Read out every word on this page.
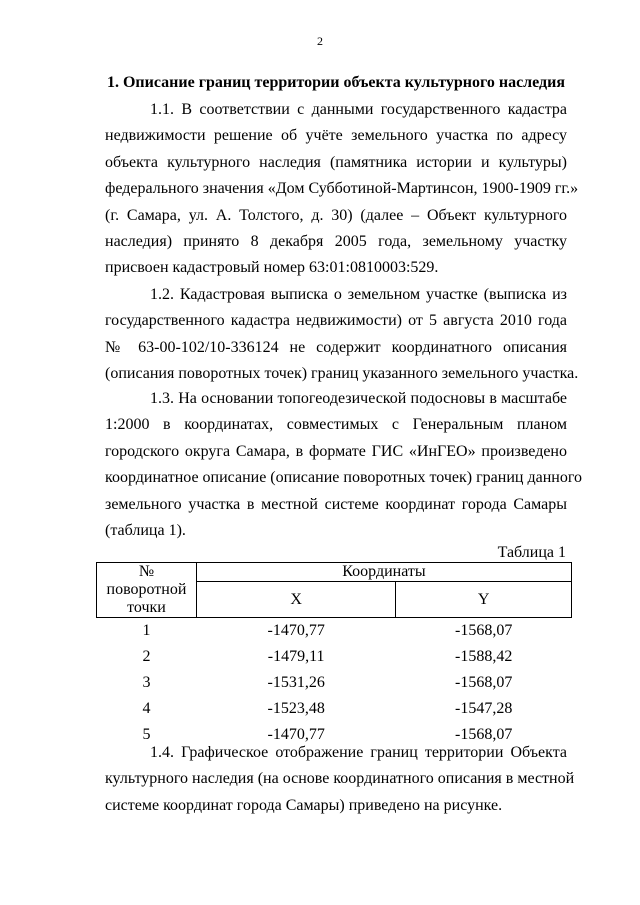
2
1. Описание границ территории объекта культурного наследия
1.1. В соответствии с данными государственного кадастра
недвижимости решение об учёте земельного участка по адресу
объекта культурного наследия (памятника истории и культуры)
федерального значения «Дом Субботиной-Мартинсон, 1900-1909 гг.»
(г. Самара, ул. А. Толстого, д. 30) (далее – Объект культурного
наследия) принято 8 декабря 2005 года, земельному участку
присвоен кадастровый номер 63:01:0810003:529.
1.2. Кадастровая выписка о земельном участке (выписка из
государственного кадастра недвижимости) от 5 августа 2010 года
№ 63-00-102/10-336124 не содержит координатного описания
(описания поворотных точек) границ указанного земельного участка.
1.3. На основании топогеодезической подосновы в масштабе
1:2000 в координатах, совместимых с Генеральным планом
городского округа Самара, в формате ГИС «ИнГЕО» произведено
координатное описание (описание поворотных точек) границ данного
земельного участка в местной системе координат города Самары
(таблица 1).
Таблица 1
№
поворотной
точки	Координаты	
	X	Y
1	-1470,77	-1568,07
2	-1479,11	-1588,42
3	-1531,26	-1568,07
4	-1523,48	-1547,28
5	-1470,77	-1568,07
1.4. Графическое отображение границ территории Объекта
культурного наследия (на основе координатного описания в местной
системе координат города Самары) приведено на рисунке.
